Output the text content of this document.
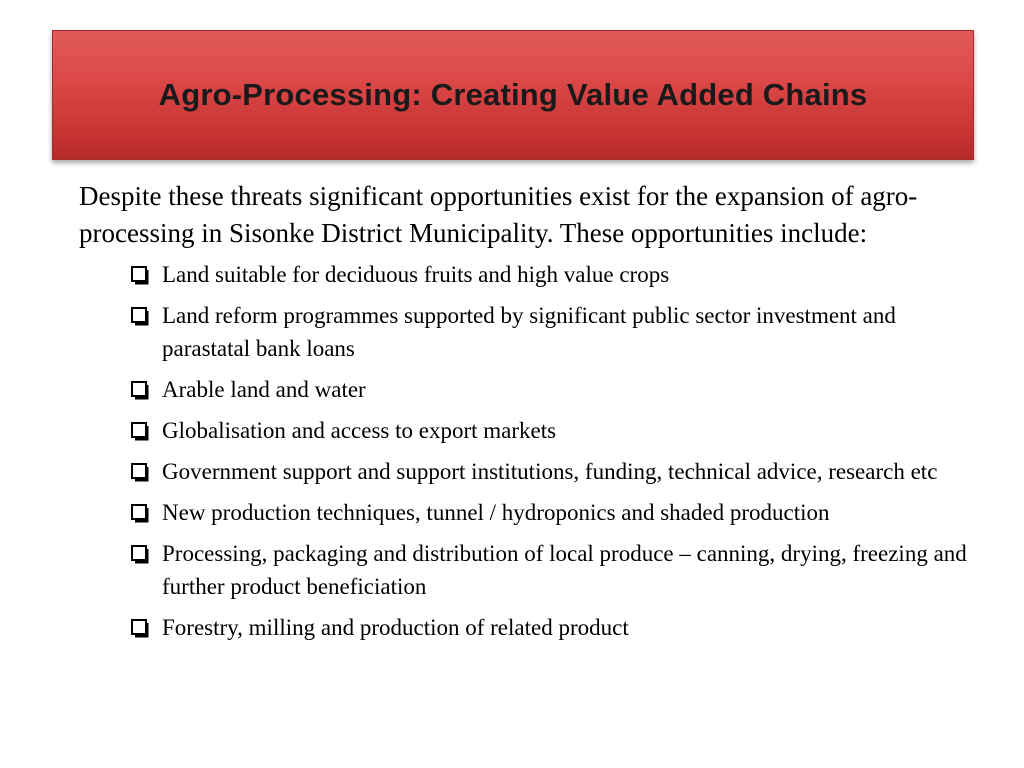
Agro-Processing: Creating Value Added Chains

Despite these threats significant opportunities exist for the expansion of agro-processing in Sisonke District Municipality. These opportunities include:

Land suitable for deciduous fruits and high value crops
Land reform programmes supported by significant public sector investment and parastatal bank loans
Arable land and water
Globalisation and access to export markets
Government support and support institutions, funding, technical advice, research etc
New production techniques, tunnel / hydroponics and shaded production
Processing, packaging and distribution of local produce – canning, drying, freezing and further product beneficiation
Forestry, milling and production of related product
